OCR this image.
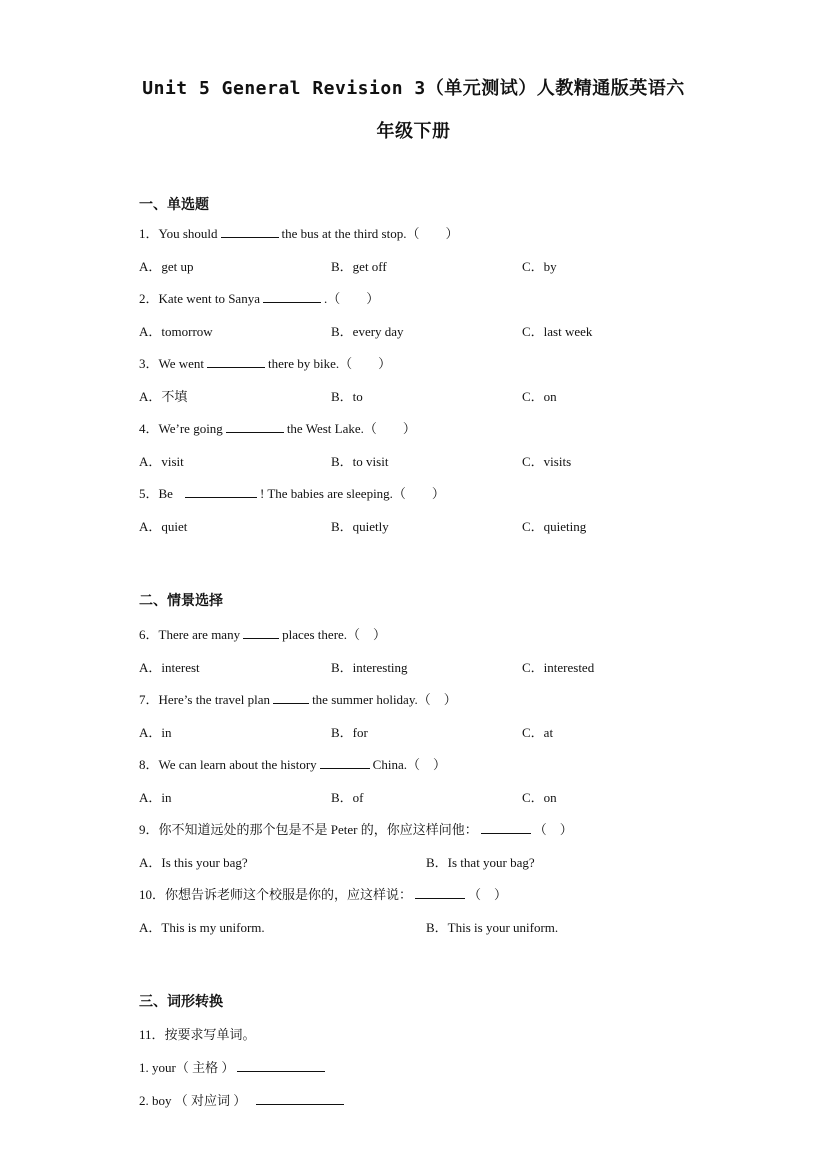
Unit 5 General Revision 3（单元测试）人教精通版英语六
年级下册
一、单选题
1．You should	the bus at the third stop.（　　）
A．get up	B．get off	C．by
2．Kate went to Sanya	.（　　）
A．tomorrow	B．every day	C．last week
3．We went	there by bike.（　　）
A．不填	B．to	C．on
4．We’re going	the West Lake.（　　）
A．visit	B．to visit	C．visits
5．Be	! The babies are sleeping.（　　）
A．quiet	B．quietly	C．quieting
二、情景选择
6．There are many	places there.（　）
A．interest	B．interesting	C．interested
7．Here’s the travel plan	the summer holiday.（　）
A．in	B．for	C．at
8．We can learn about the history	China.（　）
A．in	B．of	C．on
9．你不知道远处的那个包是不是 Peter 的，你应这样问他：	（　）
A．Is this your bag?	B．Is that your bag?
10．你想告诉老师这个校服是你的，应这样说：	（　）
A．This is my uniform.	B．This is your uniform.
三、词形转换
11．按要求写单词。
1. your（ 主格 ）
2. boy （ 对应词 ）
